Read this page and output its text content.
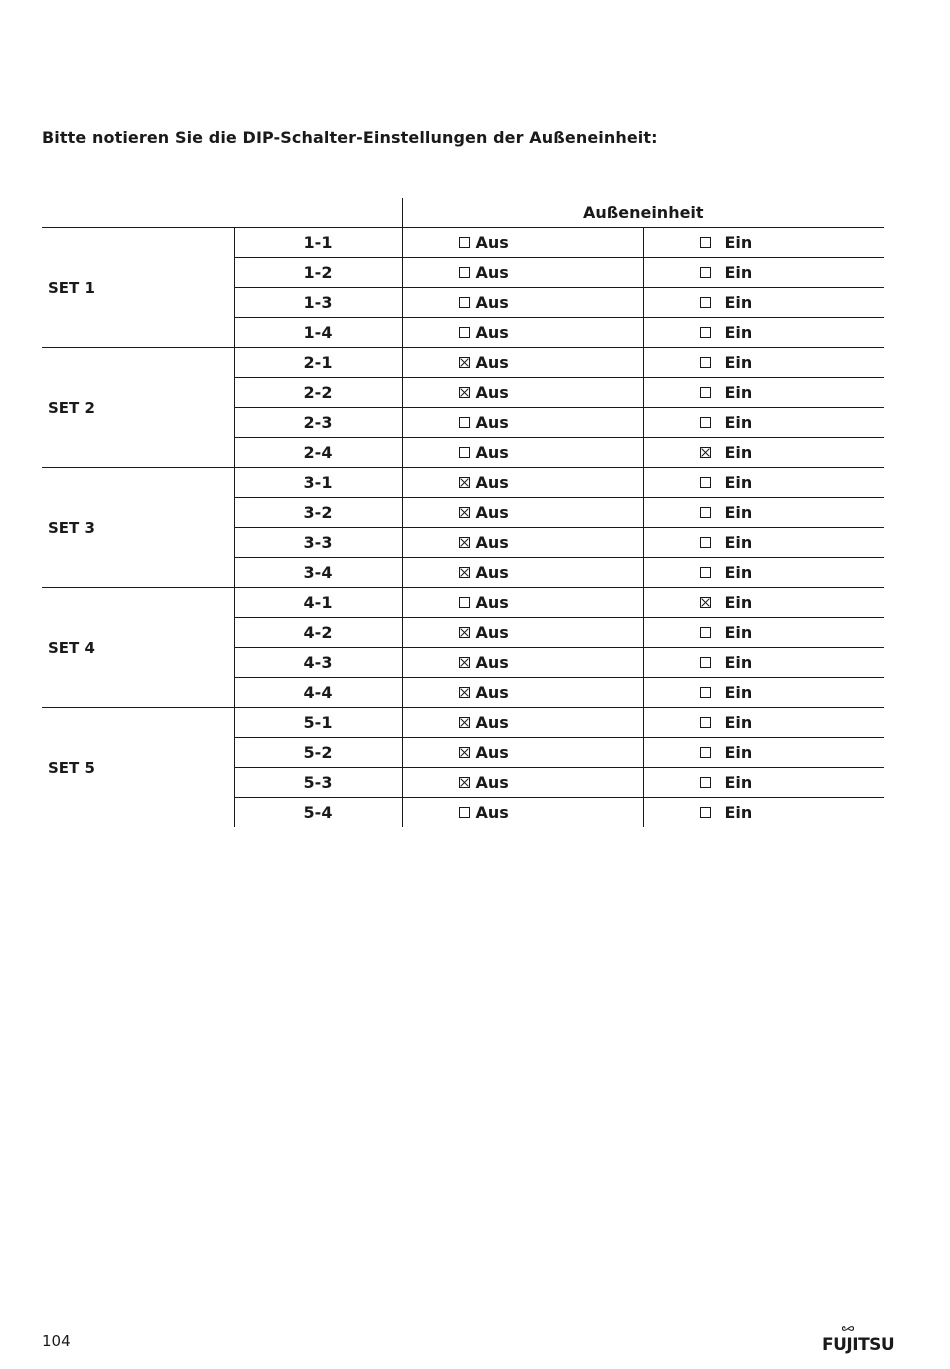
Bitte notieren Sie die DIP-Schalter-Einstellungen der Außeneinheit:
		Außeneinheit	
SET 1	1-1	Aus	Ein
	1-2	Aus	Ein
	1-3	Aus	Ein
	1-4	Aus	Ein
SET 2	2-1	Aus	Ein
	2-2	Aus	Ein
	2-3	Aus	Ein
	2-4	Aus	Ein
SET 3	3-1	Aus	Ein
	3-2	Aus	Ein
	3-3	Aus	Ein
	3-4	Aus	Ein
SET 4	4-1	Aus	Ein
	4-2	Aus	Ein
	4-3	Aus	Ein
	4-4	Aus	Ein
SET 5	5-1	Aus	Ein
	5-2	Aus	Ein
	5-3	Aus	Ein
	5-4	Aus	Ein
104	FUJITSU
